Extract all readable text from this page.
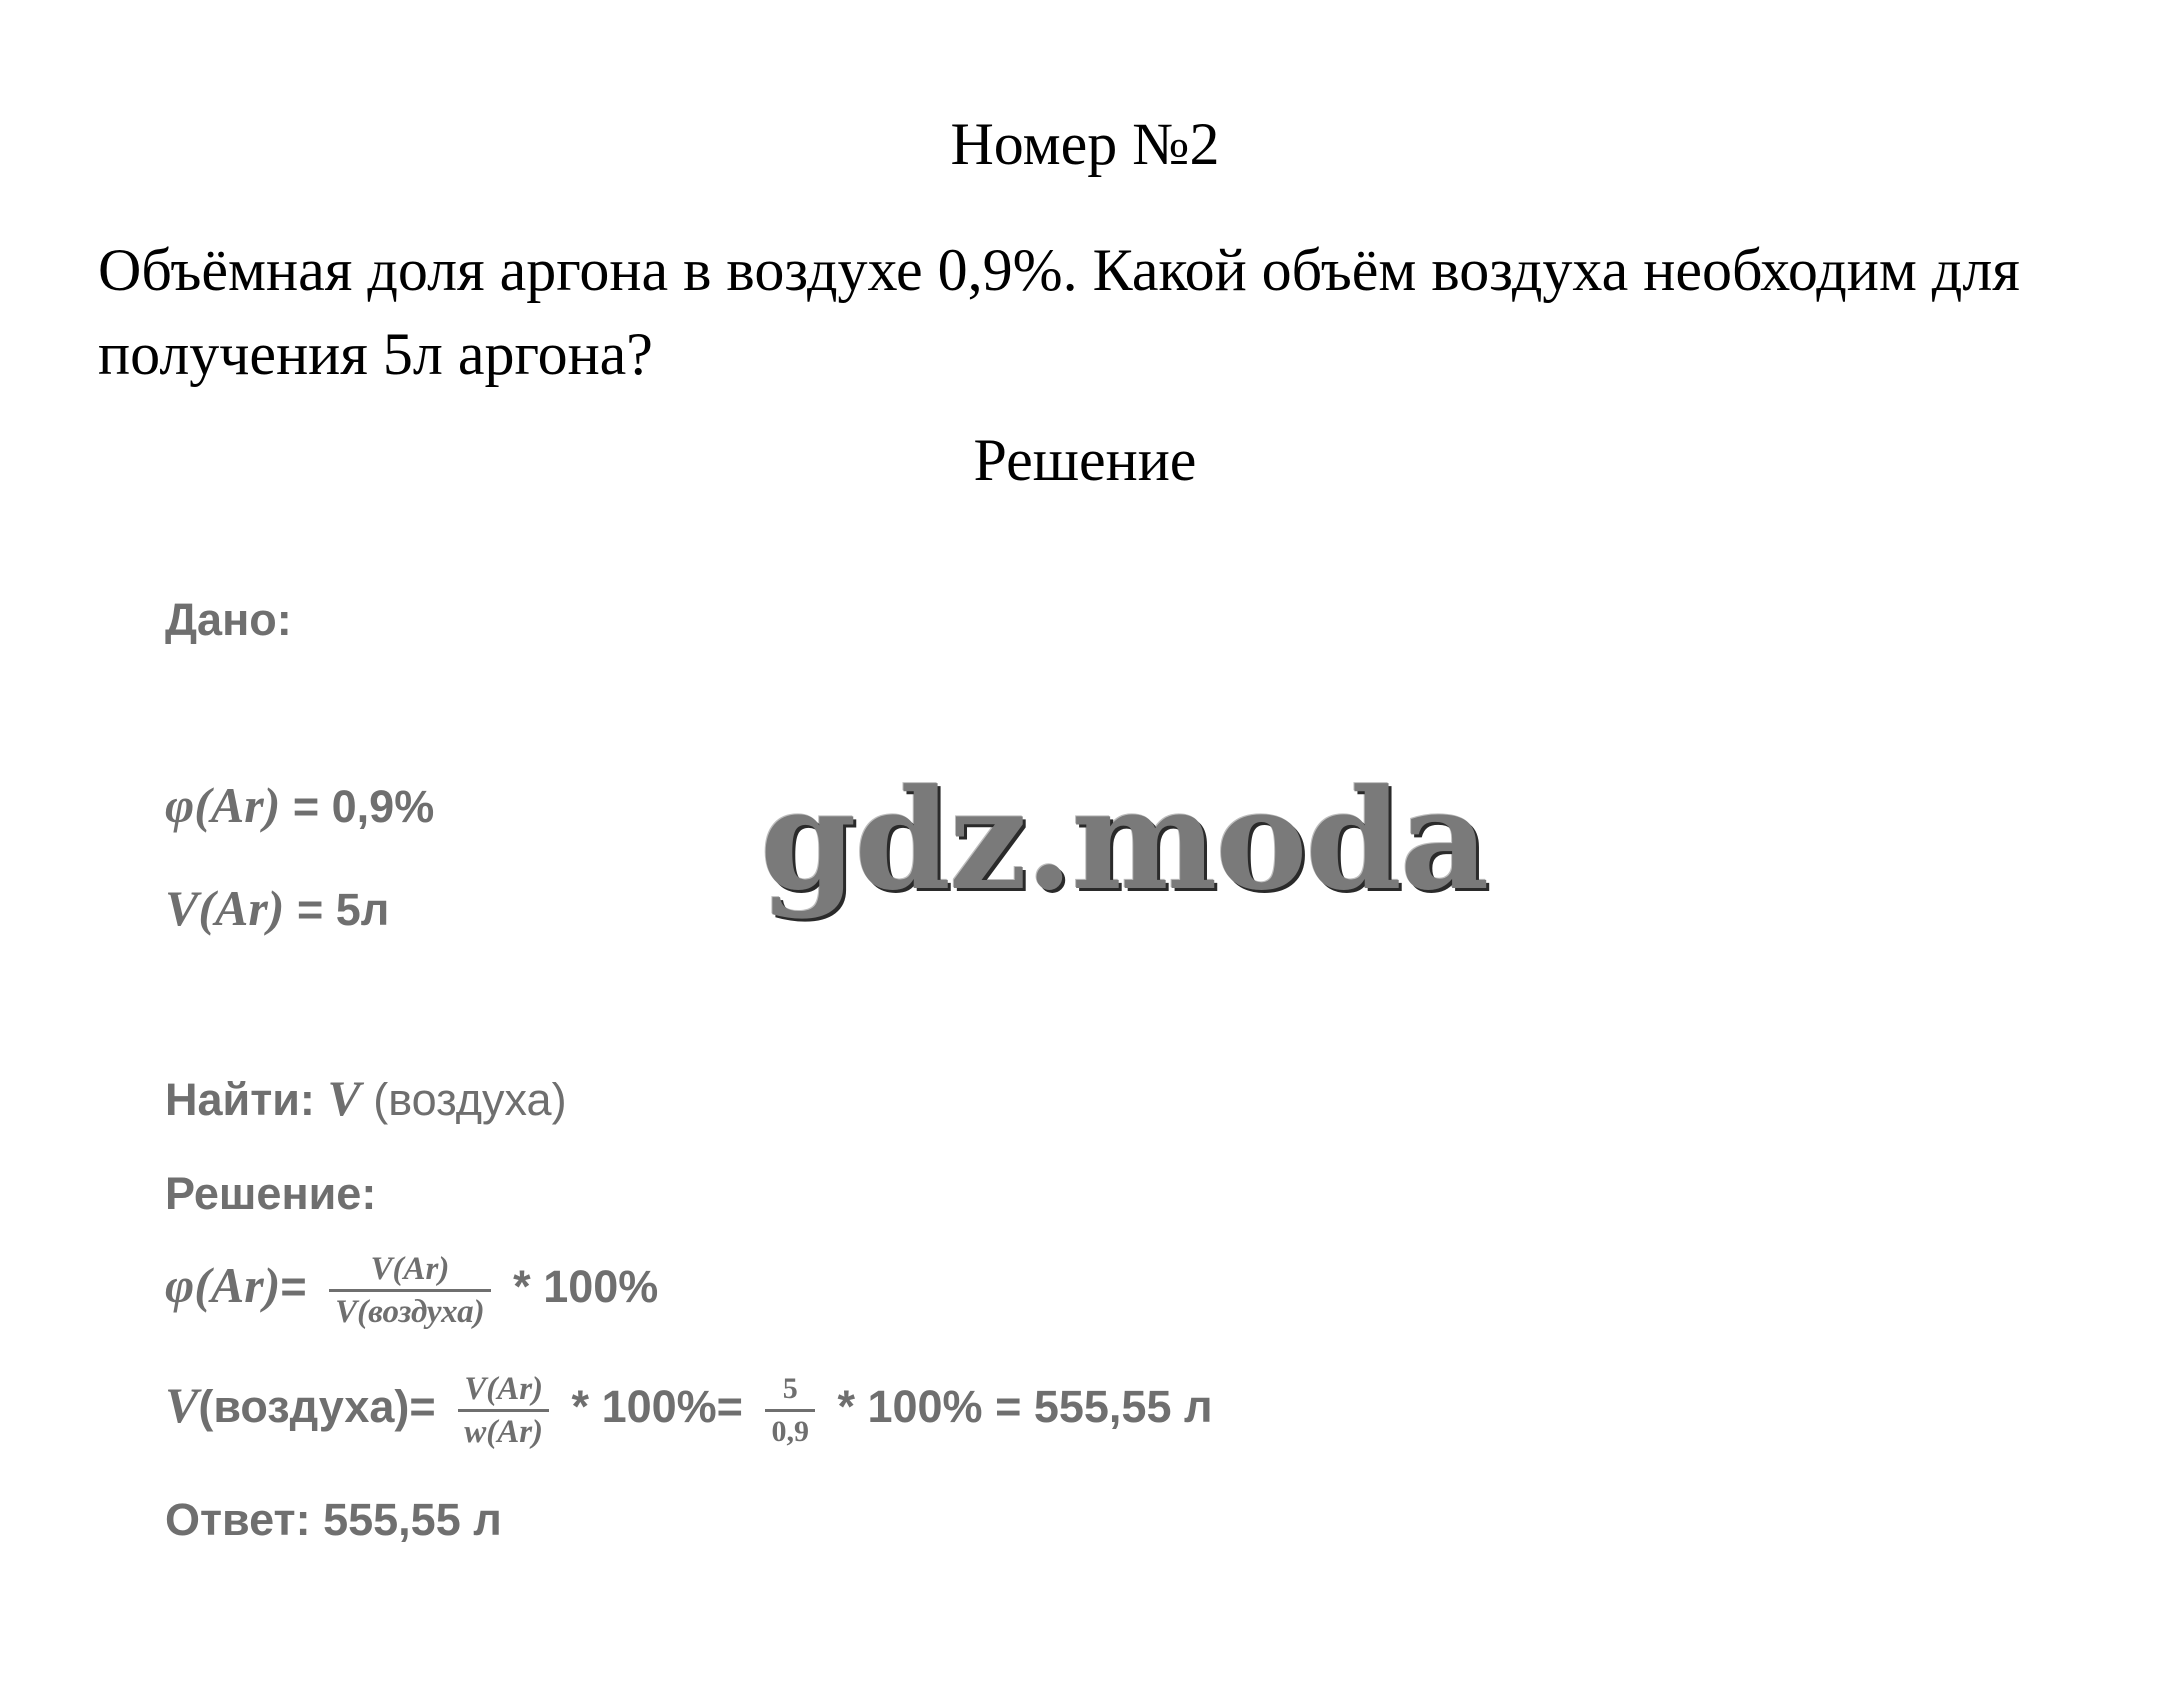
Номер №2
Объёмная доля аргона в воздухе 0,9%. Какой объём воздуха необходим для получения 5л аргона?
Решение
Дано:
φ(Ar) = 0,9%
V(Ar) = 5л
Найти: V (воздуха)
Решение:
$\varphi(Ar)= \frac{V(Ar)}{\text{V(воздуха)}} * 100\%$
V(воздуха)= $\frac{V(Ar)}{w(Ar)} * 100\%= \frac{5}{0,9} * 100\% = 555,55$ л
Ответ: 555,55 л
gdz.moda
